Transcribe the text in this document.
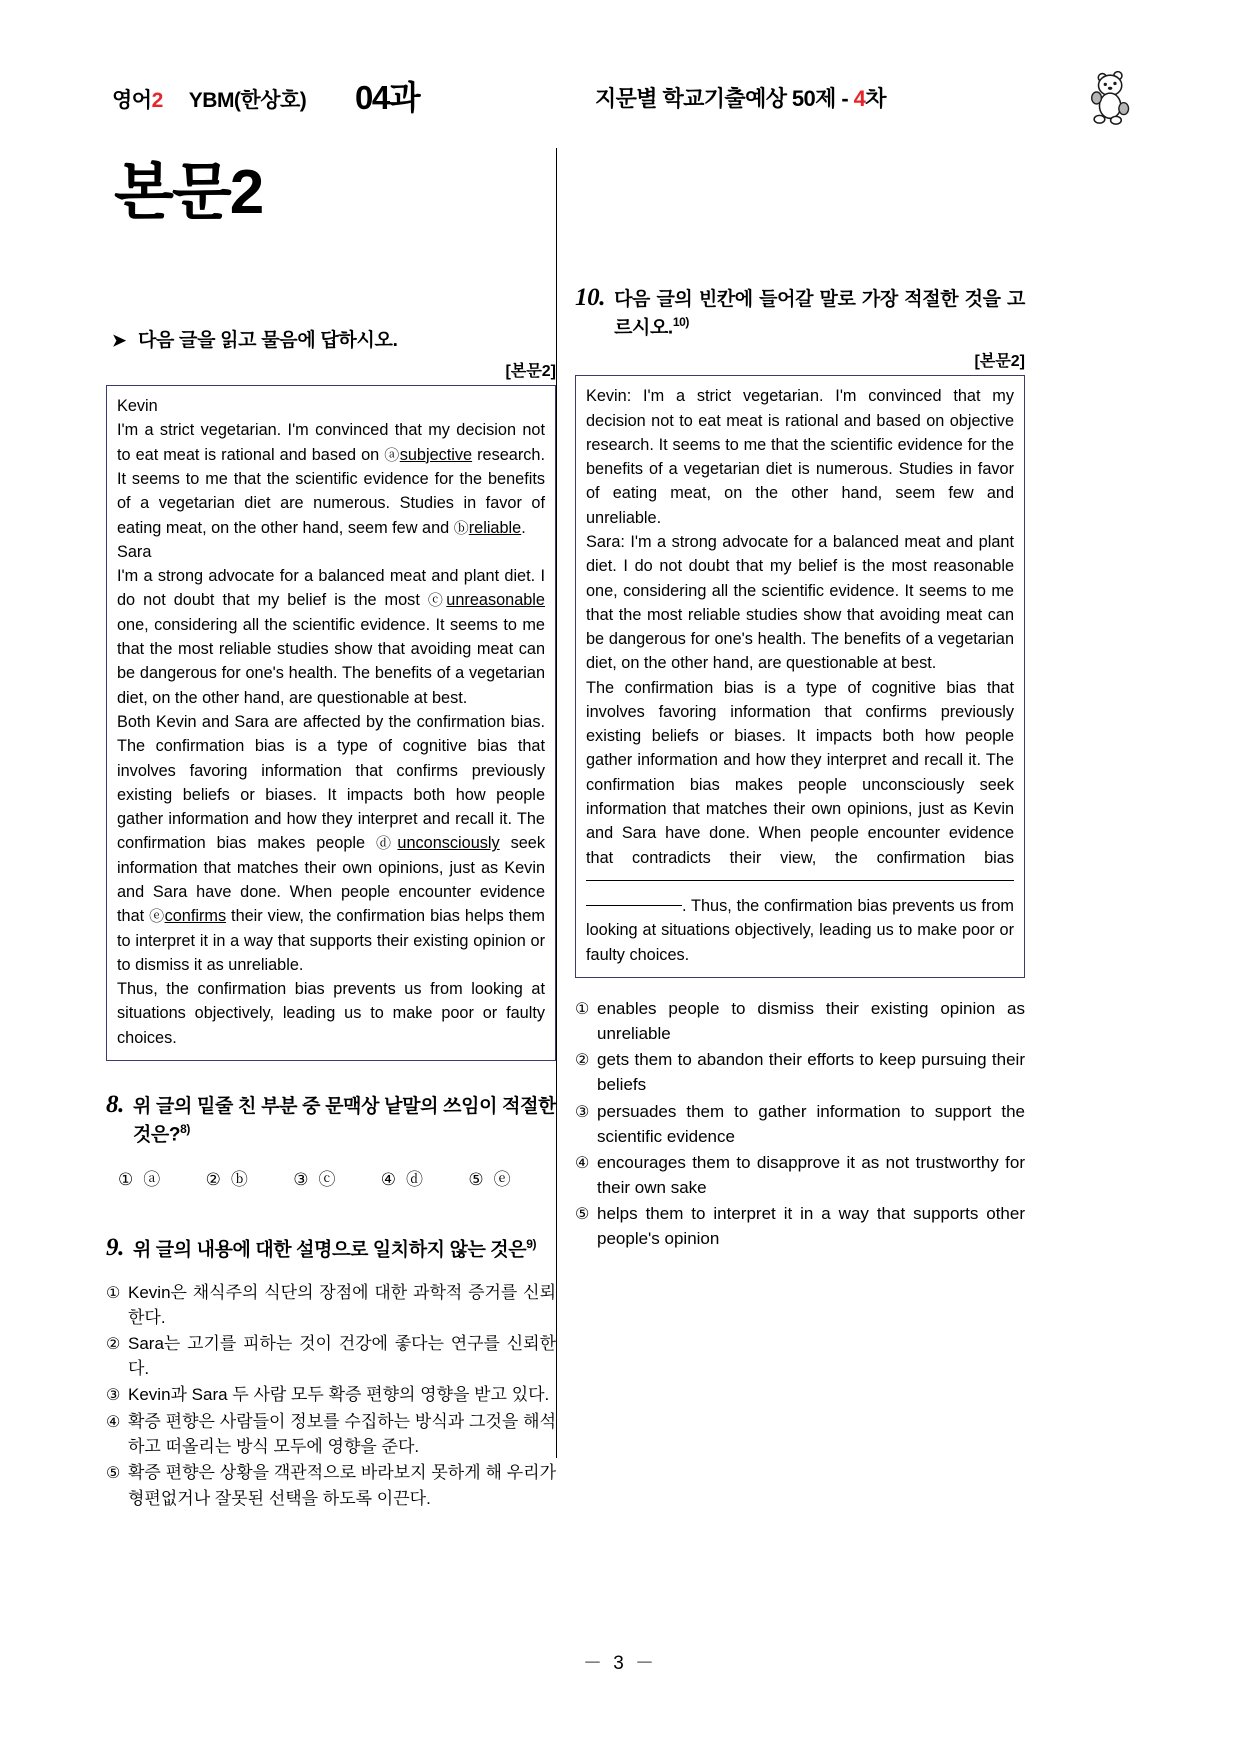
영어2 YBM(한상호) 04과	지문별 학교기출예상 50제 - 4차
본문2
➤ 다음 글을 읽고 물음에 답하시오.
[본문2]

Kevin

I'm a strict vegetarian. I'm convinced that my decision not to eat meat is rational and based on ⓐsubjective research. It seems to me that the scientific evidence for the benefits of a vegetarian diet are numerous. Studies in favor of eating meat, on the other hand, seem few and ⓑreliable.

Sara

I'm a strong advocate for a balanced meat and plant diet. I do not doubt that my belief is the most ⓒunreasonable one, considering all the scientific evidence. It seems to me that the most reliable studies show that avoiding meat can be dangerous for one's health. The benefits of a vegetarian diet, on the other hand, are questionable at best.

Both Kevin and Sara are affected by the confirmation bias. The confirmation bias is a type of cognitive bias that involves favoring information that confirms previously existing beliefs or biases. It impacts both how people gather information and how they interpret and recall it. The confirmation bias makes people ⓓunconsciously seek information that matches their own opinions, just as Kevin and Sara have done. When people encounter evidence that ⓔconfirms their view, the confirmation bias helps them to interpret it in a way that supports their existing opinion or to dismiss it as unreliable.

Thus, the confirmation bias prevents us from looking at situations objectively, leading us to make poor or faulty choices.

8. 위 글의 밑줄 친 부분 중 문맥상 낱말의 쓰임이 적절한 것은?$^{8)}$
① ⓐ	② ⓑ	③ ⓒ	④ ⓓ	⑤ ⓔ
9. 위 글의 내용에 대한 설명으로 일치하지 않는 것은$^{9)}$
① Kevin은 채식주의 식단의 장점에 대한 과학적 증거를 신뢰한다.
② Sara는 고기를 피하는 것이 건강에 좋다는 연구를 신뢰한다.
③ Kevin과 Sara 두 사람 모두 확증 편향의 영향을 받고 있다.
④ 확증 편향은 사람들이 정보를 수집하는 방식과 그것을 해석하고 떠올리는 방식 모두에 영향을 준다.
⑤ 확증 편향은 상황을 객관적으로 바라보지 못하게 해 우리가 형편없거나 잘못된 선택을 하도록 이끈다.
10. 다음 글의 빈칸에 들어갈 말로 가장 적절한 것을 고르시오.$^{10)}$
[본문2]

Kevin: I'm a strict vegetarian. I'm convinced that my decision not to eat meat is rational and based on objective research. It seems to me that the scientific evidence for the benefits of a vegetarian diet is numerous. Studies in favor of eating meat, on the other hand, seem few and unreliable.

Sara: I'm a strong advocate for a balanced meat and plant diet. I do not doubt that my belief is the most reasonable one, considering all the scientific evidence. It seems to me that the most reliable studies show that avoiding meat can be dangerous for one's health. The benefits of a vegetarian diet, on the other hand, are questionable at best.

The confirmation bias is a type of cognitive bias that involves favoring information that confirms previously existing beliefs or biases. It impacts both how people gather information and how they interpret and recall it. The confirmation bias makes people unconsciously seek information that matches their own opinions, just as Kevin and Sara have done. When people encounter evidence that contradicts their view, the confirmation bias. Thus, the confirmation bias prevents us from looking at situations objectively, leading us to make poor or faulty choices.

① enables people to dismiss their existing opinion as unreliable
② gets them to abandon their efforts to keep pursuing their beliefs
③ persuades them to gather information to support the scientific evidence
④ encourages them to disapprove it as not trustworthy for their own sake
⑤ helps them to interpret it in a way that supports other people's opinion
－ 3 －
